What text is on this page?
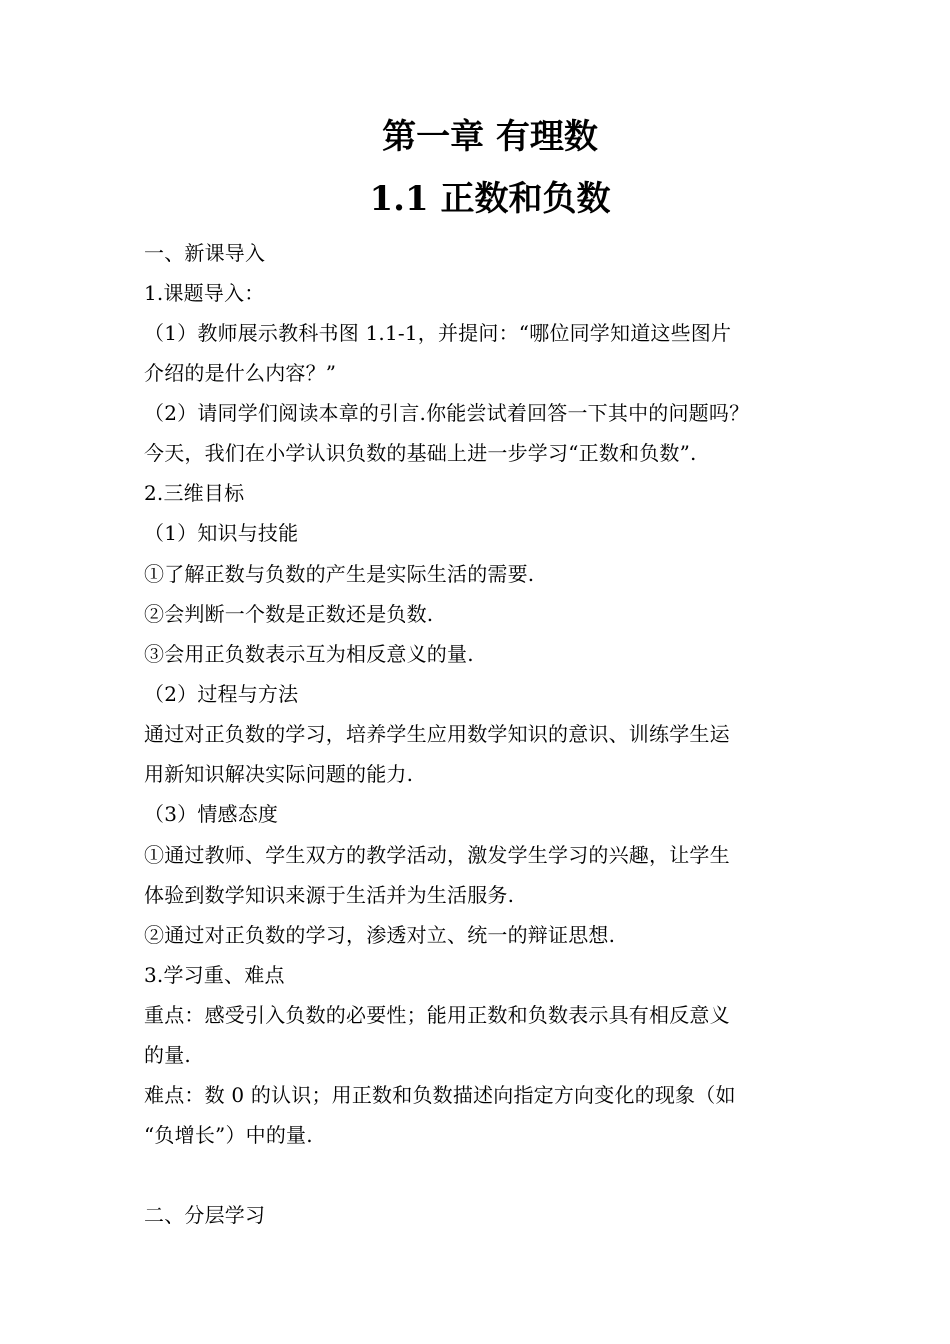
第一章 有理数
1.1 正数和负数
一、新课导入
1.课题导入：
（1）教师展示教科书图 1.1-1，并提问：“哪位同学知道这些图片
介绍的是什么内容？”
（2）请同学们阅读本章的引言.你能尝试着回答一下其中的问题吗？
今天，我们在小学认识负数的基础上进一步学习“正数和负数”.
2.三维目标
（1）知识与技能
①了解正数与负数的产生是实际生活的需要.
②会判断一个数是正数还是负数.
③会用正负数表示互为相反意义的量.
（2）过程与方法
通过对正负数的学习，培养学生应用数学知识的意识、训练学生运
用新知识解决实际问题的能力.
（3）情感态度
①通过教师、学生双方的教学活动，激发学生学习的兴趣，让学生
体验到数学知识来源于生活并为生活服务.
②通过对正负数的学习，渗透对立、统一的辩证思想.
3.学习重、难点
重点：感受引入负数的必要性；能用正数和负数表示具有相反意义
的量.
难点：数 0 的认识；用正数和负数描述向指定方向变化的现象（如
“负增长”）中的量.
二、分层学习
